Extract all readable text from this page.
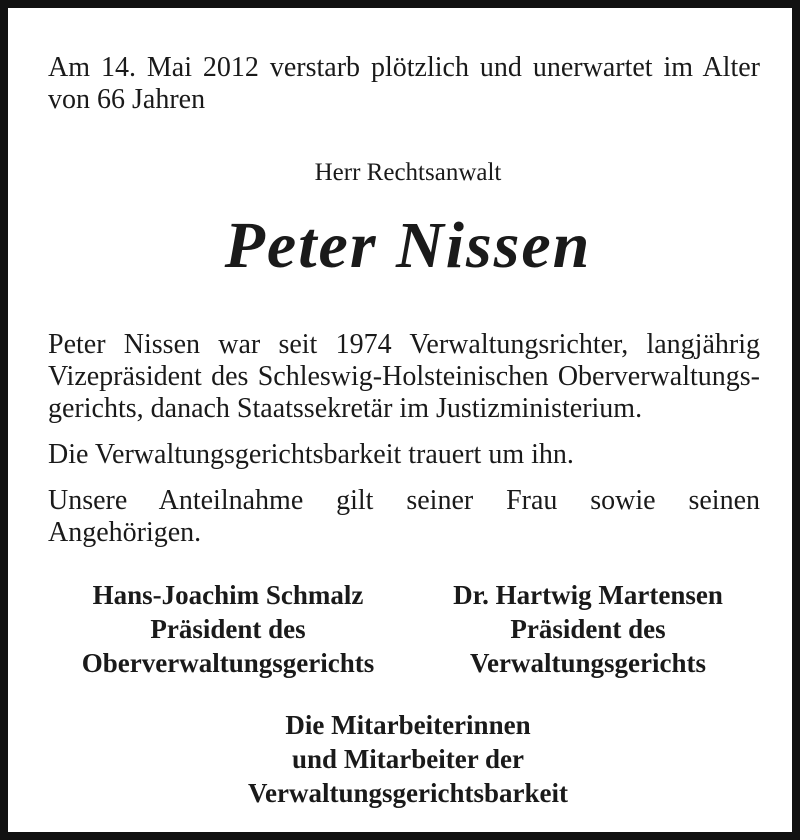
Am 14. Mai 2012 verstarb plötzlich und unerwartet im Alter von 66 Jahren

Herr Rechtsanwalt

Peter Nissen

Peter Nissen war seit 1974 Verwaltungsrichter, langjährig Vizepräsident des Schleswig-Holsteinischen Oberverwaltungs-gerichts, danach Staatssekretär im Justizministerium.

Die Verwaltungsgerichtsbarkeit trauert um ihn.

Unsere Anteilnahme gilt seiner Frau sowie seinen Angehörigen.

Hans-Joachim Schmalz
Präsident des
Oberverwaltungsgerichts
Dr. Hartwig Martensen
Präsident des
Verwaltungsgerichts
Die Mitarbeiterinnen
und Mitarbeiter der
Verwaltungsgerichtsbarkeit
